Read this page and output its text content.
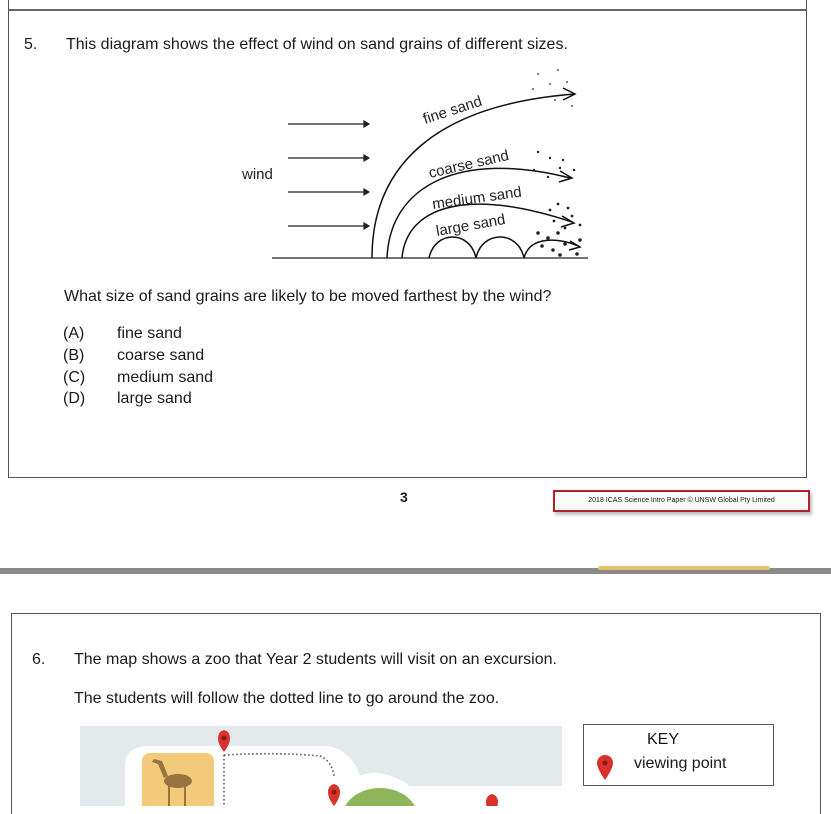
5. This diagram shows the effect of wind on sand grains of different sizes.
wind
fine sand
coarse sand
medium sand
large sand
What size of sand grains are likely to be moved farthest by the wind?
(A) fine sand
(B) coarse sand
(C) medium sand
(D) large sand
3	2018 ICAS Science Intro Paper © UNSW Global Pty Limited
6. The map shows a zoo that Year 2 students will visit on an excursion.
The students will follow the dotted line to go around the zoo.
KEY
viewing point
